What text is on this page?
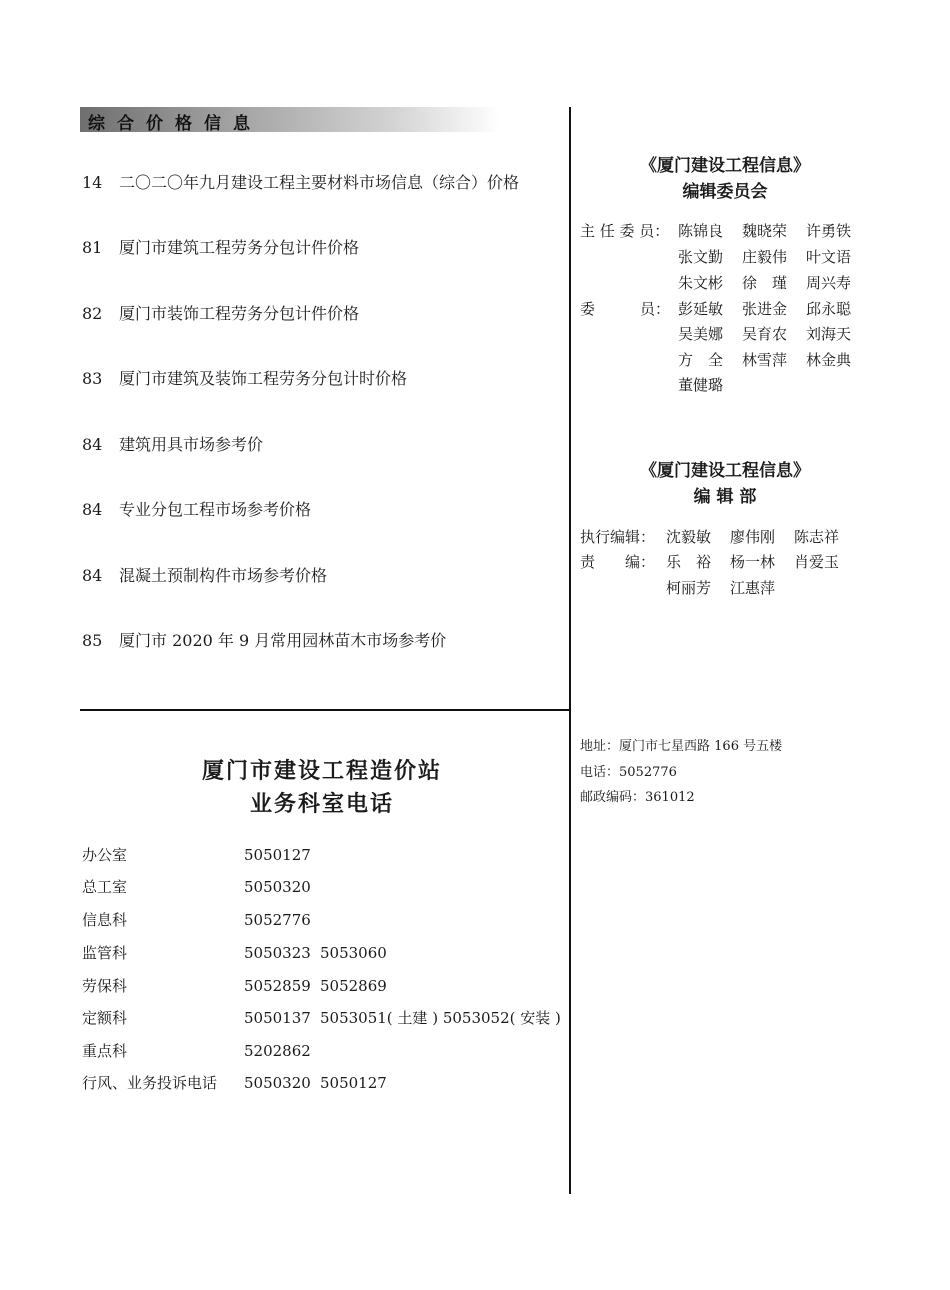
综合价格信息
14 二〇二〇年九月建设工程主要材料市场信息（综合）价格
81 厦门市建筑工程劳务分包计件价格
82 厦门市装饰工程劳务分包计件价格
83 厦门市建筑及装饰工程劳务分包计时价格
84 建筑用具市场参考价
84 专业分包工程市场参考价格
84 混凝土预制构件市场参考价格
85 厦门市 2020 年 9 月常用园林苗木市场参考价
厦门市建设工程造价站
业务科室电话
办公室	5050127
总工室	5050320
信息科	5052776
监管科	5050323 5053060
劳保科	5052859 5052869
定额科	5050137 5053051( 土建 ) 5053052( 安装 )
重点科	5202862
行风、业务投诉电话 5050320 5050127
《厦门建设工程信息》
编辑委员会
主 任 委 员： 陈锦良 魏晓荣 许勇铁
张文勤 庄毅伟 叶文语
朱文彬 徐　瑾 周兴寿
委　　　员： 彭延敏 张进金 邱永聪
吴美娜 吴育农 刘海天
方　全 林雪萍 林金典
董健璐
《厦门建设工程信息》
编 辑 部
执行编辑： 沈毅敏 廖伟刚 陈志祥
责　　编： 乐　裕 杨一林 肖爱玉
柯丽芳 江惠萍
地址：厦门市七星西路 166 号五楼
电话：5052776
邮政编码：361012
